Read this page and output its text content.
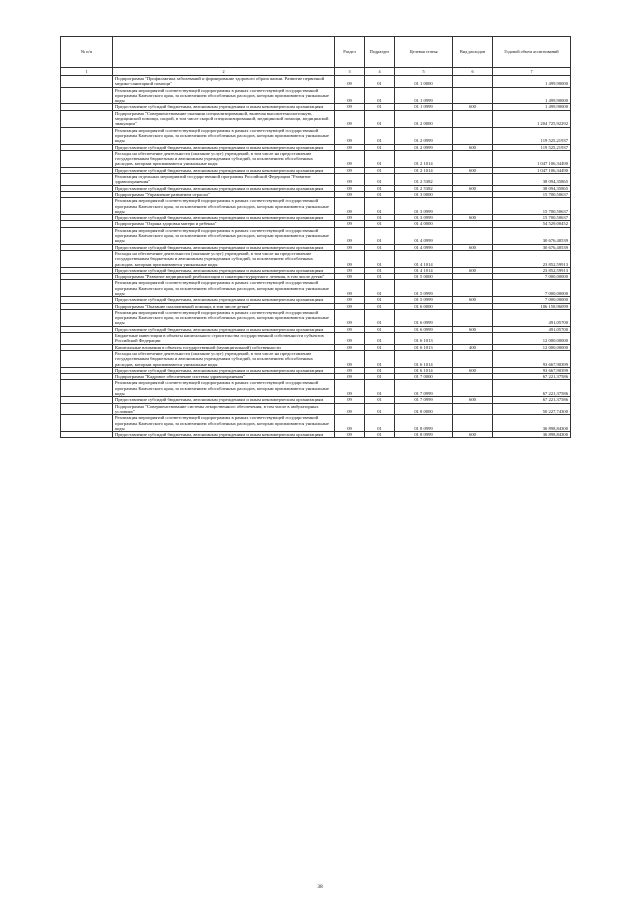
№ п/п		Раздел	Подраздел	Целевая статья	Вид расходов	Годовой объем ассигнований
1	2	3	4	5	6	7
	Подпрограмма "Профилактика заболеваний и формирование здорового образа жизни. Развитие первичной медико-санитарной помощи"	09	01	01 1 0000		1 499,90000
	Реализация мероприятий соответствующей подпрограммы в рамках соответствующей государственной программы Камчатского края, за исключением обособленных расходов, которым присваиваются уникальные коды	09	01	01 1 0999		1 499,90000
	Предоставление субсидий бюджетным, автономным учреждениям и иным некоммерческим организациям	09	01	01 1 0999	600	1 499,90000
	Подпрограмма "Совершенствование оказания специализированной, включая высокотехнологичную, медицинской помощи, скорой, в том числе скорой специализированной, медицинской помощи, медицинской эвакуации"	09	01	01 2 0000		1 204 725,92292
	Реализация мероприятий соответствующей подпрограммы в рамках соответствующей государственной программы Камчатского края, за исключением обособленных расходов, которым присваиваются уникальные коды	09	01	01 2 0999		119 525,21937
	Предоставление субсидий бюджетным, автономным учреждениям и иным некоммерческим организациям	09	01	01 2 0999	600	119 525,21937
	Расходы на обеспечение деятельности (оказание услуг) учреждений, в том числе на предоставление государственным бюджетным и автономным учреждениям субсидий, за исключением обособленных расходов, которым присваиваются уникальные коды	09	01	01 2 1014		1 047 106,34490
	Предоставление субсидий бюджетным, автономным учреждениям и иным некоммерческим организациям	09	01	01 2 1014	600	1 047 106,34490
	Реализация отдельных мероприятий государственной программы Российской Федерации "Развитие здравоохранения"	09	01	01 2 5382		38 094,35865
	Предоставление субсидий бюджетным, автономным учреждениям и иным некоммерческим организациям	09	01	01 2 5382	600	38 094,35865
	Подпрограмма "Управление развитием отрасли"	09	01	01 3 0000		15 700,50637
	Реализация мероприятий соответствующей подпрограммы в рамках соответствующей государственной программы Камчатского края, за исключением обособленных расходов, которым присваиваются уникальные коды	09	01	01 3 0999		15 700,50637
	Предоставление субсидий бюджетным, автономным учреждениям и иным некоммерческим организациям	09	01	01 3 0999	600	15 700,50637
	Подпрограмма "Охрана здоровья матери и ребенка"	09	01	01 4 0000		54 529,00452
	Реализация мероприятий соответствующей подпрограммы в рамках соответствующей государственной программы Камчатского края, за исключением обособленных расходов, которым присваиваются уникальные коды	09	01	01 4 0999		30 676,40539
	Предоставление субсидий бюджетным, автономным учреждениям и иным некоммерческим организациям	09	01	01 4 0999	600	30 676,40539
	Расходы на обеспечение деятельности (оказание услуг) учреждений, в том числе на предоставление государственным бюджетным и автономным учреждениям субсидий, за исключением обособленных расходов, которым присваиваются уникальные коды	09	01	01 4 1014		23 852,59913
	Предоставление субсидий бюджетным, автономным учреждениям и иным некоммерческим организациям	09	01	01 4 1014	600	23 852,59913
	Подпрограмма "Развитие медицинской реабилитации и санаторно-курортного лечения, в том числе детям"	09	01	01 5 0000		7 000,00000
	Реализация мероприятий соответствующей подпрограммы в рамках соответствующей государственной программы Камчатского края, за исключением обособленных расходов, которым присваиваются уникальные коды	09	01	01 5 0999		7 000,00000
	Предоставление субсидий бюджетным, автономным учреждениям и иным некоммерческим организациям	09	01	01 5 0999	600	7 000,00000
	Подпрограмма "Оказание паллиативной помощи, в том числе детям"	09	01	01 6 0000		106 158,96099
	Реализация мероприятий соответствующей подпрограммы в рамках соответствующей государственной программы Камчатского края, за исключением обособленных расходов, которым присваиваются уникальные коды	09	01	01 6 0999		491,05700
	Предоставление субсидий бюджетным, автономным учреждениям и иным некоммерческим организациям	09	01	01 6 0999	600	491,05700
	Бюджетные инвестиции в объекты капитального строительства государственной собственности субъектов Российской Федерации	09	01	01 6 1013		12 000,00000
	Капитальные вложения в объекты государственной (муниципальной) собственности	09	01	01 6 1013	400	12 000,00000
	Расходы на обеспечение деятельности (оказание услуг) учреждений, в том числе на предоставление государственным бюджетным и автономным учреждениям субсидий, за исключением обособленных расходов, которым присваиваются уникальные коды	09	01	01 6 1014		93 667,90399
	Предоставление субсидий бюджетным, автономным учреждениям и иным некоммерческим организациям	09	01	01 6 1014	600	93 667,90399
	Подпрограмма "Кадровое обеспечение системы здравоохранения"	09	01	01 7 0000		67 221,37586
	Реализация мероприятий соответствующей подпрограммы в рамках соответствующей государственной программы Камчатского края, за исключением обособленных расходов, которым присваиваются уникальные коды	09	01	01 7 0999		67 221,37586
	Предоставление субсидий бюджетным, автономным учреждениям и иным некоммерческим организациям	09	01	01 7 0999	600	67 221,37586
	Подпрограмма "Совершенствование системы лекарственного обеспечения, в том числе в амбулаторных условиях"	09	01	01 8 0000		50 227,74300
	Реализация мероприятий соответствующей подпрограммы в рамках соответствующей государственной программы Камчатского края, за исключением обособленных расходов, которым присваиваются уникальные коды	09	01	01 8 0999		36 898,84300
	Предоставление субсидий бюджетным, автономным учреждениям и иным некоммерческим организациям	09	01	01 8 0999	600	36 898,84300
38
